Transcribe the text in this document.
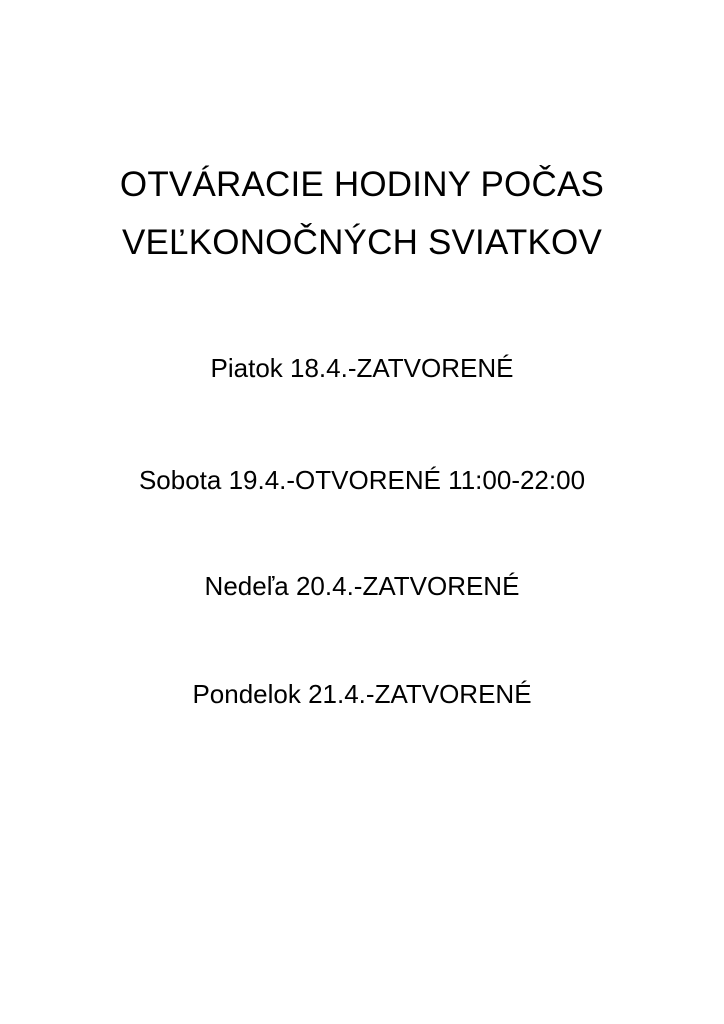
OTVÁRACIE HODINY POČAS
VEĽKONOČNÝCH SVIATKOV

Piatok 18.4.-ZATVORENÉ

Sobota 19.4.-OTVORENÉ 11:00-22:00

Nedeľa 20.4.-ZATVORENÉ

Pondelok 21.4.-ZATVORENÉ
